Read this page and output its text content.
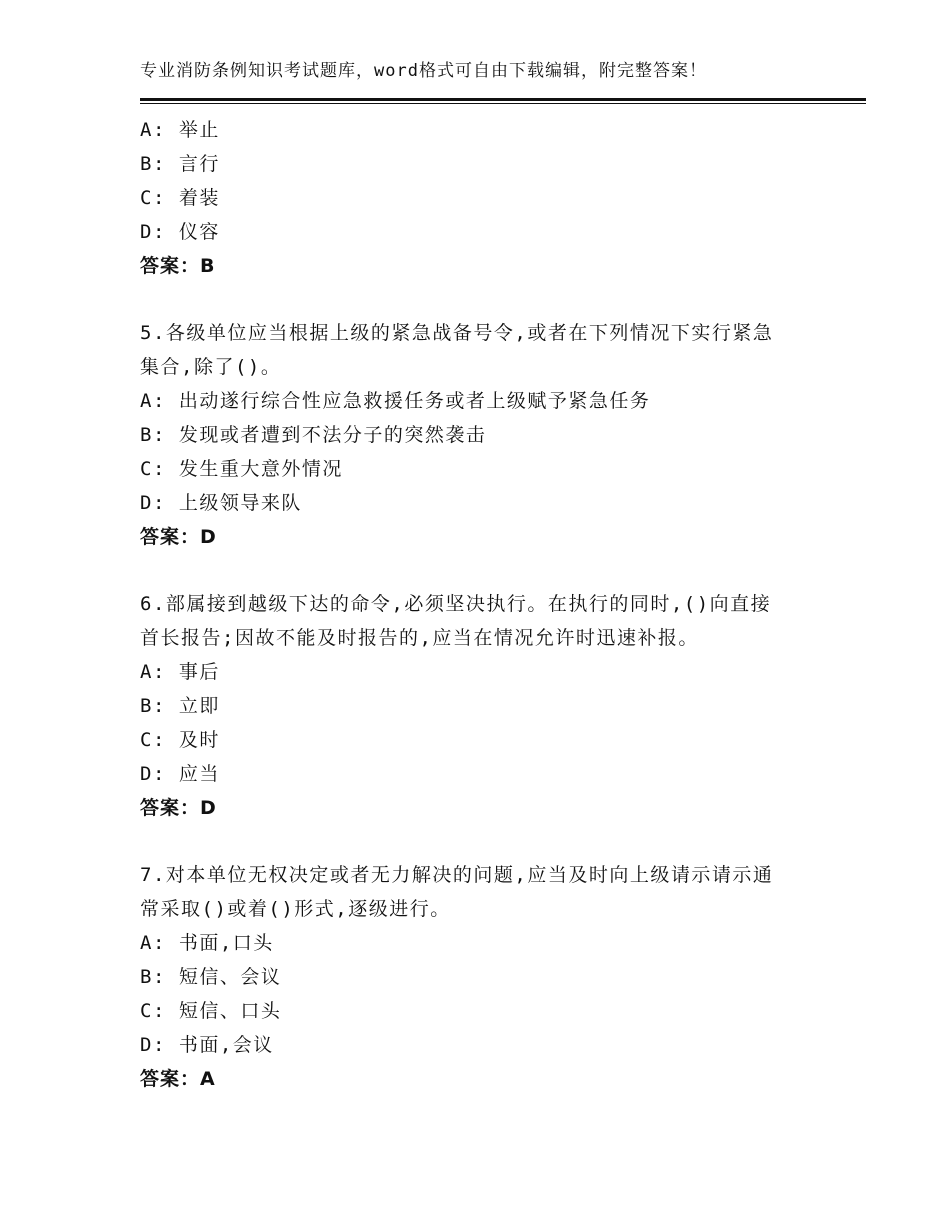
专业消防条例知识考试题库，word格式可自由下载编辑，附完整答案！
A: 举止
B: 言行
C: 着装
D: 仪容
答案：B
5.各级单位应当根据上级的紧急战备号令,或者在下列情况下实行紧急
集合,除了()。
A: 出动遂行综合性应急救援任务或者上级赋予紧急任务
B: 发现或者遭到不法分子的突然袭击
C: 发生重大意外情况
D: 上级领导来队
答案：D
6.部属接到越级下达的命令,必须坚决执行。在执行的同时,()向直接
首长报告;因故不能及时报告的,应当在情况允许时迅速补报。
A: 事后
B: 立即
C: 及时
D: 应当
答案：D
7.对本单位无权决定或者无力解决的问题,应当及时向上级请示请示通
常采取()或着()形式,逐级进行。
A: 书面,口头
B: 短信、会议
C: 短信、口头
D: 书面,会议
答案：A
